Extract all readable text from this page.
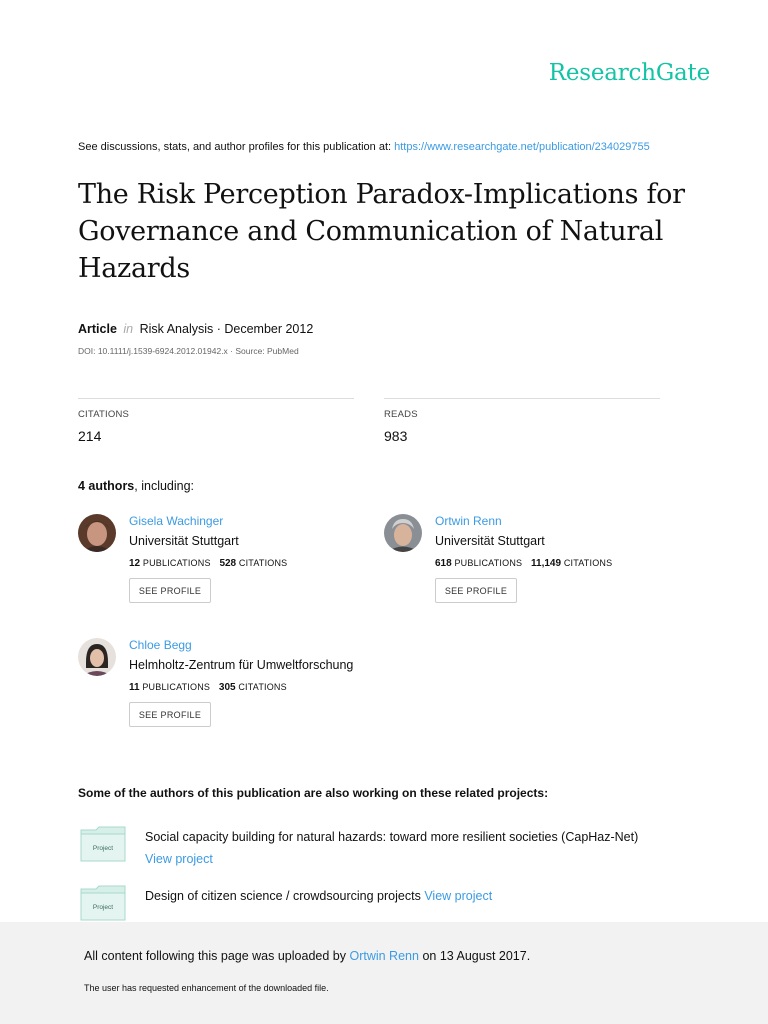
ResearchGate
See discussions, stats, and author profiles for this publication at: https://www.researchgate.net/publication/234029755
The Risk Perception Paradox-Implications for Governance and Communication of Natural Hazards
Article in Risk Analysis · December 2012
DOI: 10.1111/j.1539-6924.2012.01942.x · Source: PubMed
CITATIONS
214
READS
983
4 authors, including:
Gisela Wachinger
Universität Stuttgart
12 PUBLICATIONS 528 CITATIONS
SEE PROFILE
Ortwin Renn
Universität Stuttgart
618 PUBLICATIONS 11,149 CITATIONS
SEE PROFILE
Chloe Begg
Helmholtz-Zentrum für Umweltforschung
11 PUBLICATIONS 305 CITATIONS
SEE PROFILE
Some of the authors of this publication are also working on these related projects:
Project
Social capacity building for natural hazards: toward more resilient societies (CapHaz-Net) View project
Project
Design of citizen science / crowdsourcing projects View project
All content following this page was uploaded by Ortwin Renn on 13 August 2017.
The user has requested enhancement of the downloaded file.
